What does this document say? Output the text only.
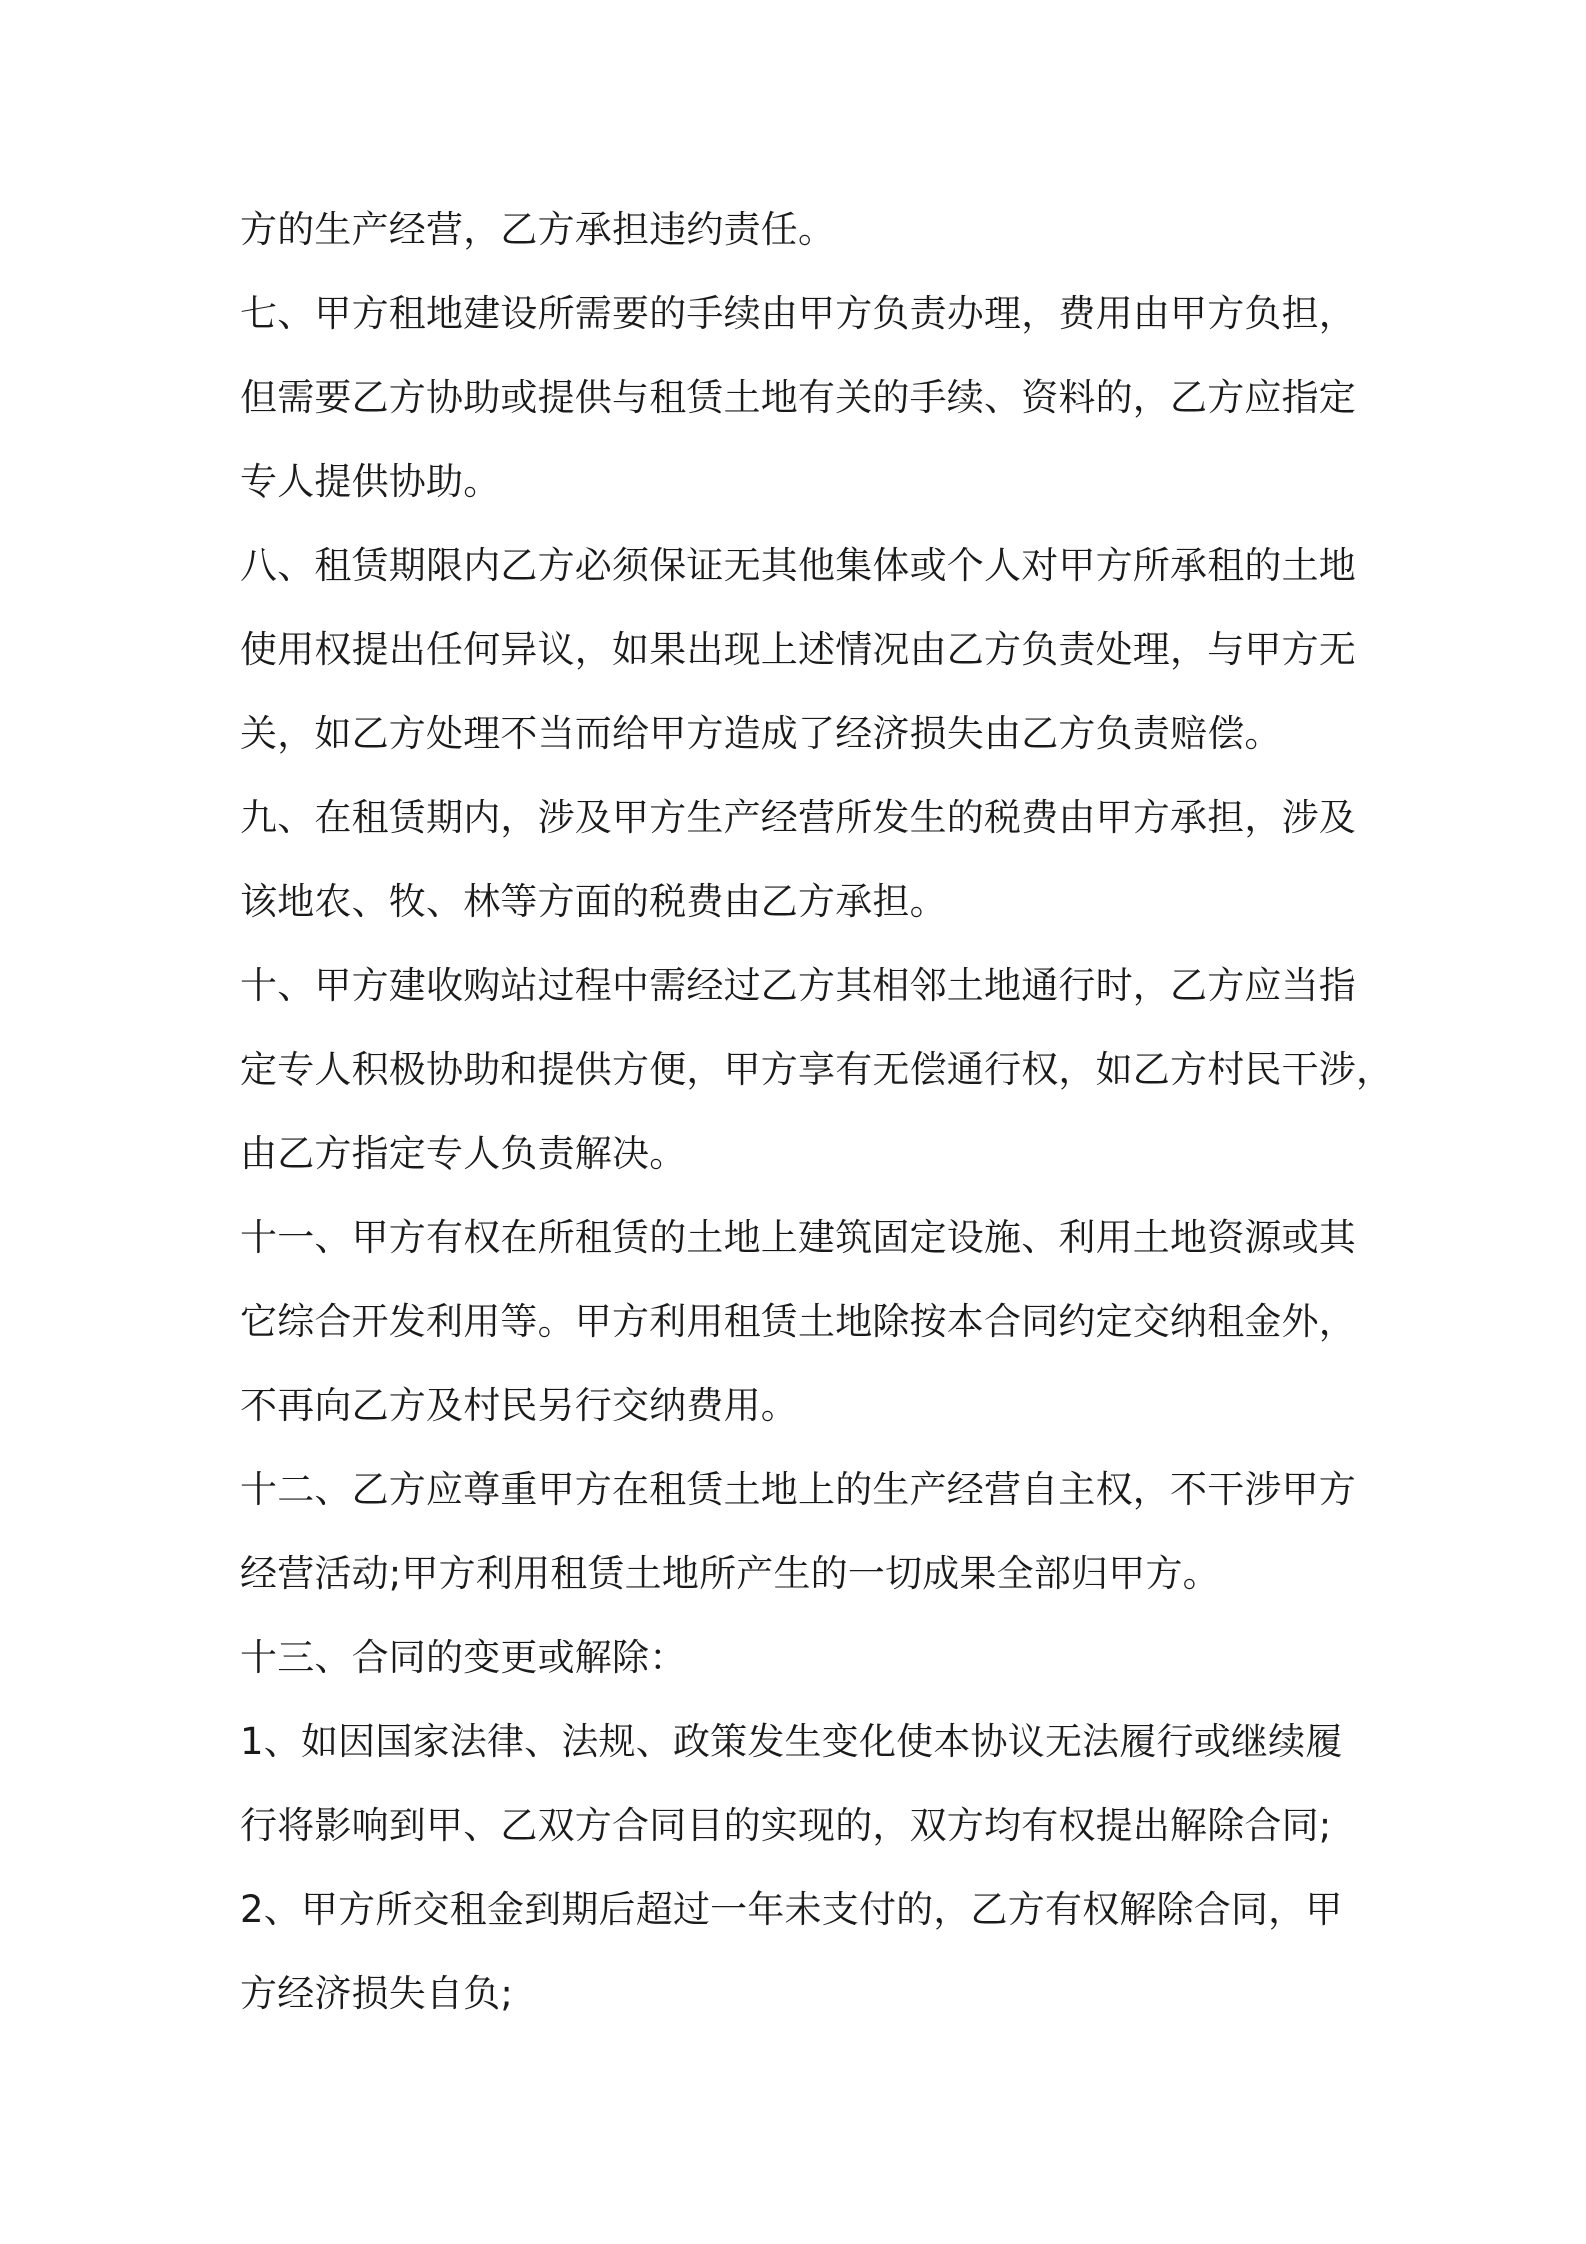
方的生产经营，乙方承担违约责任。

七、甲方租地建设所需要的手续由甲方负责办理，费用由甲方负担，

但需要乙方协助或提供与租赁土地有关的手续、资料的，乙方应指定

专人提供协助。

八、租赁期限内乙方必须保证无其他集体或个人对甲方所承租的土地

使用权提出任何异议，如果出现上述情况由乙方负责处理，与甲方无

关，如乙方处理不当而给甲方造成了经济损失由乙方负责赔偿。

九、在租赁期内，涉及甲方生产经营所发生的税费由甲方承担，涉及

该地农、牧、林等方面的税费由乙方承担。

十、甲方建收购站过程中需经过乙方其相邻土地通行时，乙方应当指

定专人积极协助和提供方便，甲方享有无偿通行权，如乙方村民干涉，

由乙方指定专人负责解决。

十一、甲方有权在所租赁的土地上建筑固定设施、利用土地资源或其

它综合开发利用等。甲方利用租赁土地除按本合同约定交纳租金外，

不再向乙方及村民另行交纳费用。

十二、乙方应尊重甲方在租赁土地上的生产经营自主权，不干涉甲方

经营活动;甲方利用租赁土地所产生的一切成果全部归甲方。

十三、合同的变更或解除：

1、如因国家法律、法规、政策发生变化使本协议无法履行或继续履

行将影响到甲、乙双方合同目的实现的，双方均有权提出解除合同;

2、甲方所交租金到期后超过一年未支付的，乙方有权解除合同，甲

方经济损失自负;
